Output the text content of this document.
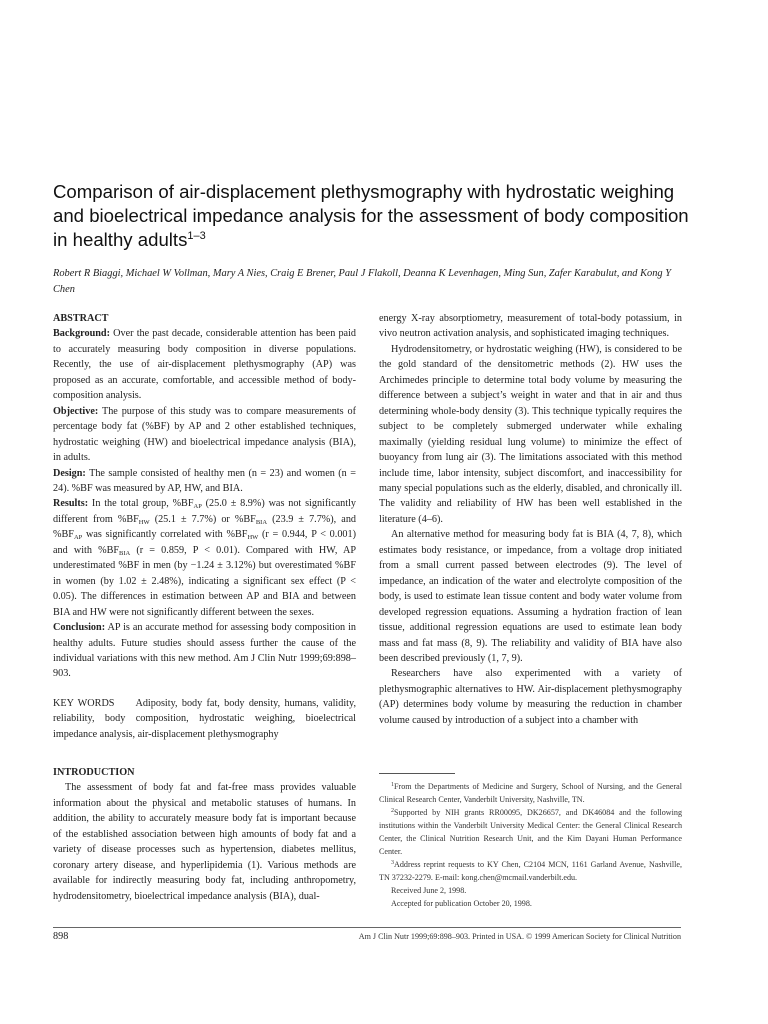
Comparison of air-displacement plethysmography with hydrostatic weighing and bioelectrical impedance analysis for the assessment of body composition in healthy adults$^{1-3}$
Robert R Biaggi, Michael W Vollman, Mary A Nies, Craig E Brener, Paul J Flakoll, Deanna K Levenhagen, Ming Sun, Zafer Karabulut, and Kong Y Chen

ABSTRACT

Background: Over the past decade, considerable attention has been paid to accurately measuring body composition in diverse populations. Recently, the use of air-displacement plethysmography (AP) was proposed as an accurate, comfortable, and accessible method of body-composition analysis.

Objective: The purpose of this study was to compare measurements of percentage body fat (%BF) by AP and 2 other established techniques, hydrostatic weighing (HW) and bioelectrical impedance analysis (BIA), in adults.

Design: The sample consisted of healthy men (n = 23) and women (n = 24). %BF was measured by AP, HW, and BIA.

Results: In the total group, $\%BF_{AP}$ (25.0 ± 8.9%) was not significantly different from $\%BF_{HW}$ (25.1 ± 7.7%) or $\%BF_{BIA}$ (23.9 ± 7.7%), and $\%BF_{AP}$ was significantly correlated with $\%BF_{HW}$ (r = 0.944, P < 0.001) and with $\%BF_{BIA}$ (r = 0.859, P < 0.01). Compared with HW, AP underestimated %BF in men (by −1.24 ± 3.12%) but overestimated %BF in women (by 1.02 ± 2.48%), indicating a significant sex effect (P < 0.05). The differences in estimation between AP and BIA and between BIA and HW were not significantly different between the sexes.

Conclusion: AP is an accurate method for assessing body composition in healthy adults. Future studies should assess further the cause of the individual variations with this new method. Am J Clin Nutr 1999;69:898–903.

KEY WORDS Adiposity, body fat, body density, humans, validity, reliability, body composition, hydrostatic weighing, bioelectrical impedance analysis, air-displacement plethysmography

INTRODUCTION

The assessment of body fat and fat-free mass provides valuable information about the physical and metabolic statuses of humans. In addition, the ability to accurately measure body fat is important because of the established association between high amounts of body fat and a variety of disease processes such as hypertension, diabetes mellitus, coronary artery disease, and hyperlipidemia (1). Various methods are available for indirectly measuring body fat, including anthropometry, hydrodensitometry, bioelectrical impedance analysis (BIA), dual-

energy X-ray absorptiometry, measurement of total-body potassium, in vivo neutron activation analysis, and sophisticated imaging techniques.

Hydrodensitometry, or hydrostatic weighing (HW), is considered to be the gold standard of the densitometric methods (2). HW uses the Archimedes principle to determine total body volume by measuring the difference between a subject’s weight in water and that in air and thus determining whole-body density (3). This technique typically requires the subject to be completely submerged underwater while exhaling maximally (yielding residual lung volume) to minimize the effect of buoyancy from lung air (3). The limitations associated with this method include time, labor intensity, subject discomfort, and inaccessibility for many special populations such as the elderly, disabled, and chronically ill. The validity and reliability of HW has been well established in the literature (4–6).

An alternative method for measuring body fat is BIA (4, 7, 8), which estimates body resistance, or impedance, from a voltage drop initiated from a small current passed between electrodes (9). The level of impedance, an indication of the water and electrolyte composition of the body, is used to estimate lean tissue content and body water volume from developed regression equations. Assuming a hydration fraction of lean tissue, additional regression equations are used to estimate lean body mass and fat mass (8, 9). The reliability and validity of BIA have also been described previously (1, 7, 9).

Researchers have also experimented with a variety of plethysmographic alternatives to HW. Air-displacement plethysmography (AP) determines body volume by measuring the reduction in chamber volume caused by introduction of a subject into a chamber with

$^1$From the Departments of Medicine and Surgery, School of Nursing, and the General Clinical Research Center, Vanderbilt University, Nashville, TN.

$^2$Supported by NIH grants RR00095, DK26657, and DK46084 and the following institutions within the Vanderbilt University Medical Center: the General Clinical Research Center, the Clinical Nutrition Research Unit, and the Kim Dayani Human Performance Center.

$^3$Address reprint requests to KY Chen, C2104 MCN, 1161 Garland Avenue, Nashville, TN 37232-2279. E-mail: kong.chen@mcmail.vanderbilt.edu.

Received June 2, 1998.

Accepted for publication October 20, 1998.

898	Am J Clin Nutr 1999;69:898–903. Printed in USA. © 1999 American Society for Clinical Nutrition
